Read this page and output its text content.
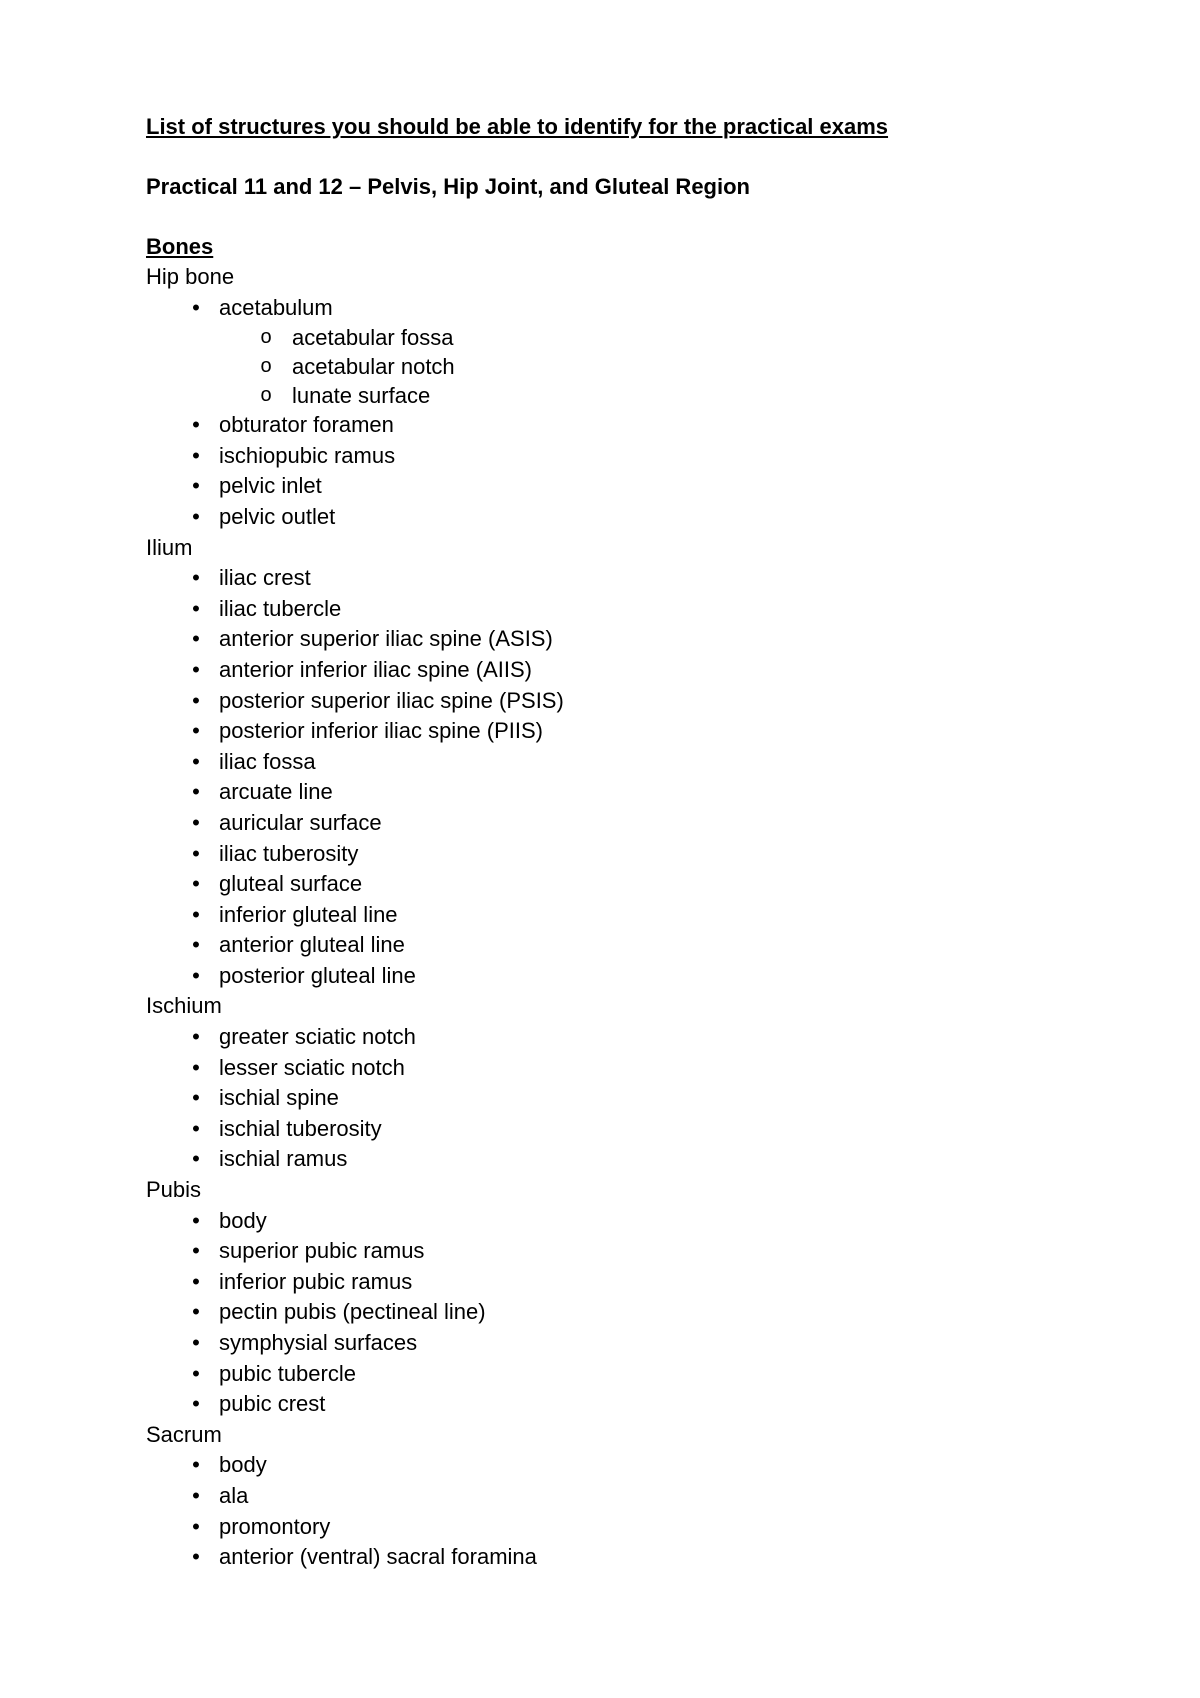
List of structures you should be able to identify for the practical exams
Practical 11 and 12 – Pelvis, Hip Joint, and Gluteal Region
Bones
Hip bone
• acetabulum
o acetabular fossa
o acetabular notch
o lunate surface
• obturator foramen
• ischiopubic ramus
• pelvic inlet
• pelvic outlet
Ilium
• iliac crest
• iliac tubercle
• anterior superior iliac spine (ASIS)
• anterior inferior iliac spine (AIIS)
• posterior superior iliac spine (PSIS)
• posterior inferior iliac spine (PIIS)
• iliac fossa
• arcuate line
• auricular surface
• iliac tuberosity
• gluteal surface
• inferior gluteal line
• anterior gluteal line
• posterior gluteal line
Ischium
• greater sciatic notch
• lesser sciatic notch
• ischial spine
• ischial tuberosity
• ischial ramus
Pubis
• body
• superior pubic ramus
• inferior pubic ramus
• pectin pubis (pectineal line)
• symphysial surfaces
• pubic tubercle
• pubic crest
Sacrum
• body
• ala
• promontory
• anterior (ventral) sacral foramina
